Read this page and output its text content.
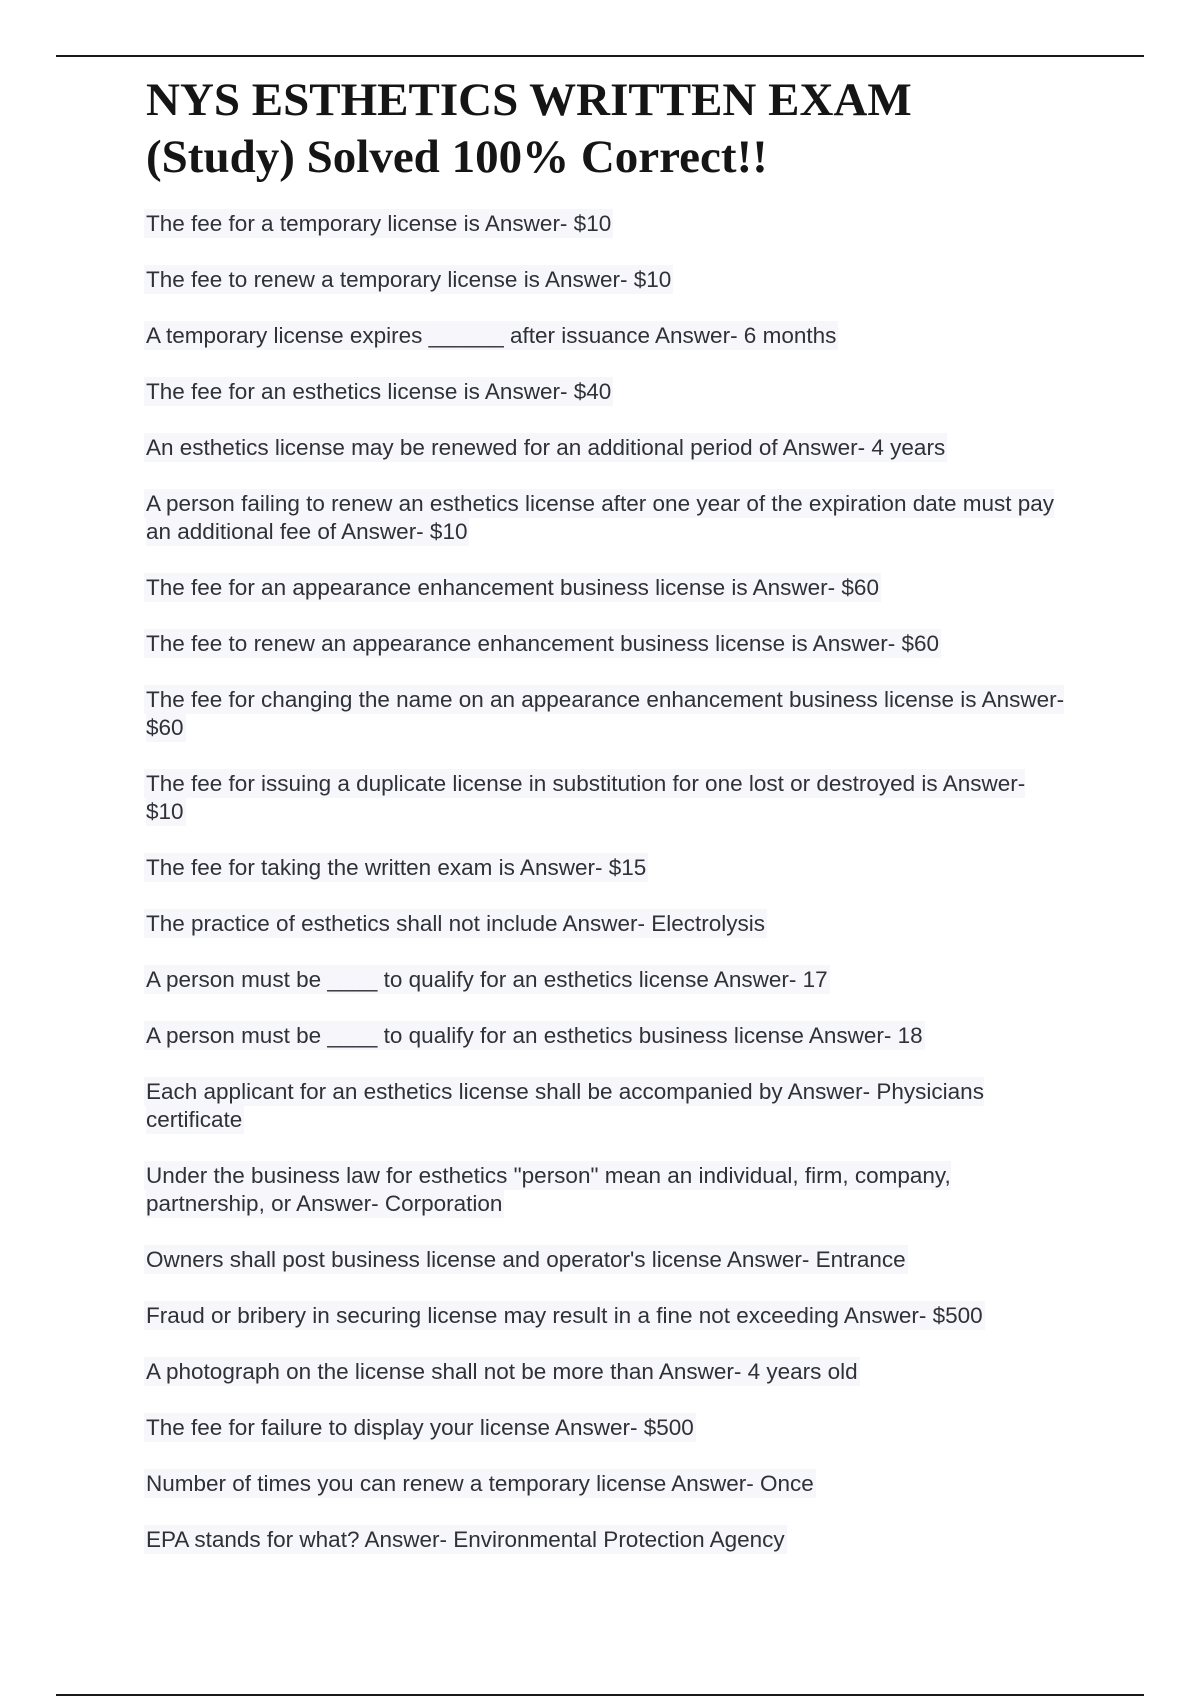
NYS ESTHETICS WRITTEN EXAM
(Study) Solved 100% Correct!!
The fee for a temporary license is Answer- $10
The fee to renew a temporary license is Answer- $10
A temporary license expires ______ after issuance Answer- 6 months
The fee for an esthetics license is Answer- $40
An esthetics license may be renewed for an additional period of Answer- 4 years
A person failing to renew an esthetics license after one year of the expiration date must pay an additional fee of Answer- $10
The fee for an appearance enhancement business license is Answer- $60
The fee to renew an appearance enhancement business license is Answer- $60
The fee for changing the name on an appearance enhancement business license is Answer- $60
The fee for issuing a duplicate license in substitution for one lost or destroyed is Answer- $10
The fee for taking the written exam is Answer- $15
The practice of esthetics shall not include Answer- Electrolysis
A person must be ____ to qualify for an esthetics license Answer- 17
A person must be ____ to qualify for an esthetics business license Answer- 18
Each applicant for an esthetics license shall be accompanied by Answer- Physicians certificate
Under the business law for esthetics "person" mean an individual, firm, company, partnership, or Answer- Corporation
Owners shall post business license and operator's license Answer- Entrance
Fraud or bribery in securing license may result in a fine not exceeding Answer- $500
A photograph on the license shall not be more than Answer- 4 years old
The fee for failure to display your license Answer- $500
Number of times you can renew a temporary license Answer- Once
EPA stands for what? Answer- Environmental Protection Agency
